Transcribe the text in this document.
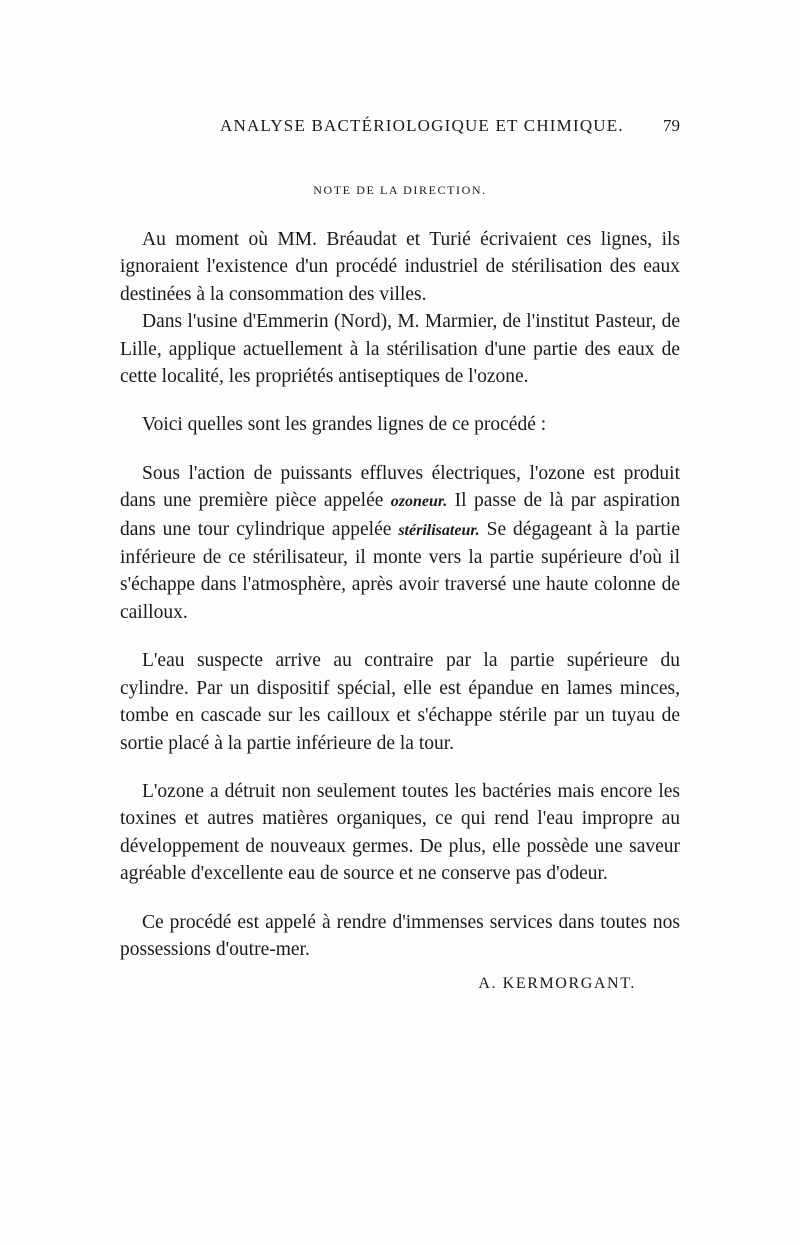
ANALYSE BACTÉRIOLOGIQUE ET CHIMIQUE. 79
NOTE DE LA DIRECTION.

Au moment où MM. Bréaudat et Turié écrivaient ces lignes, ils ignoraient l'existence d'un procédé industriel de stérilisation des eaux destinées à la consommation des villes.

Dans l'usine d'Emmerin (Nord), M. Marmier, de l'institut Pasteur, de Lille, applique actuellement à la stérilisation d'une partie des eaux de cette localité, les propriétés antiseptiques de l'ozone.

Voici quelles sont les grandes lignes de ce procédé :

Sous l'action de puissants effluves électriques, l'ozone est produit dans une première pièce appelée ozoneur. Il passe de là par aspiration dans une tour cylindrique appelée stérilisateur. Se dégageant à la partie inférieure de ce stérilisateur, il monte vers la partie supérieure d'où il s'échappe dans l'atmosphère, après avoir traversé une haute colonne de cailloux.

L'eau suspecte arrive au contraire par la partie supérieure du cylindre. Par un dispositif spécial, elle est épandue en lames minces, tombe en cascade sur les cailloux et s'échappe stérile par un tuyau de sortie placé à la partie inférieure de la tour.

L'ozone a détruit non seulement toutes les bactéries mais encore les toxines et autres matières organiques, ce qui rend l'eau impropre au développement de nouveaux germes. De plus, elle possède une saveur agréable d'excellente eau de source et ne conserve pas d'odeur.

Ce procédé est appelé à rendre d'immenses services dans toutes nos possessions d'outre-mer.

A. KERMORGANT.
